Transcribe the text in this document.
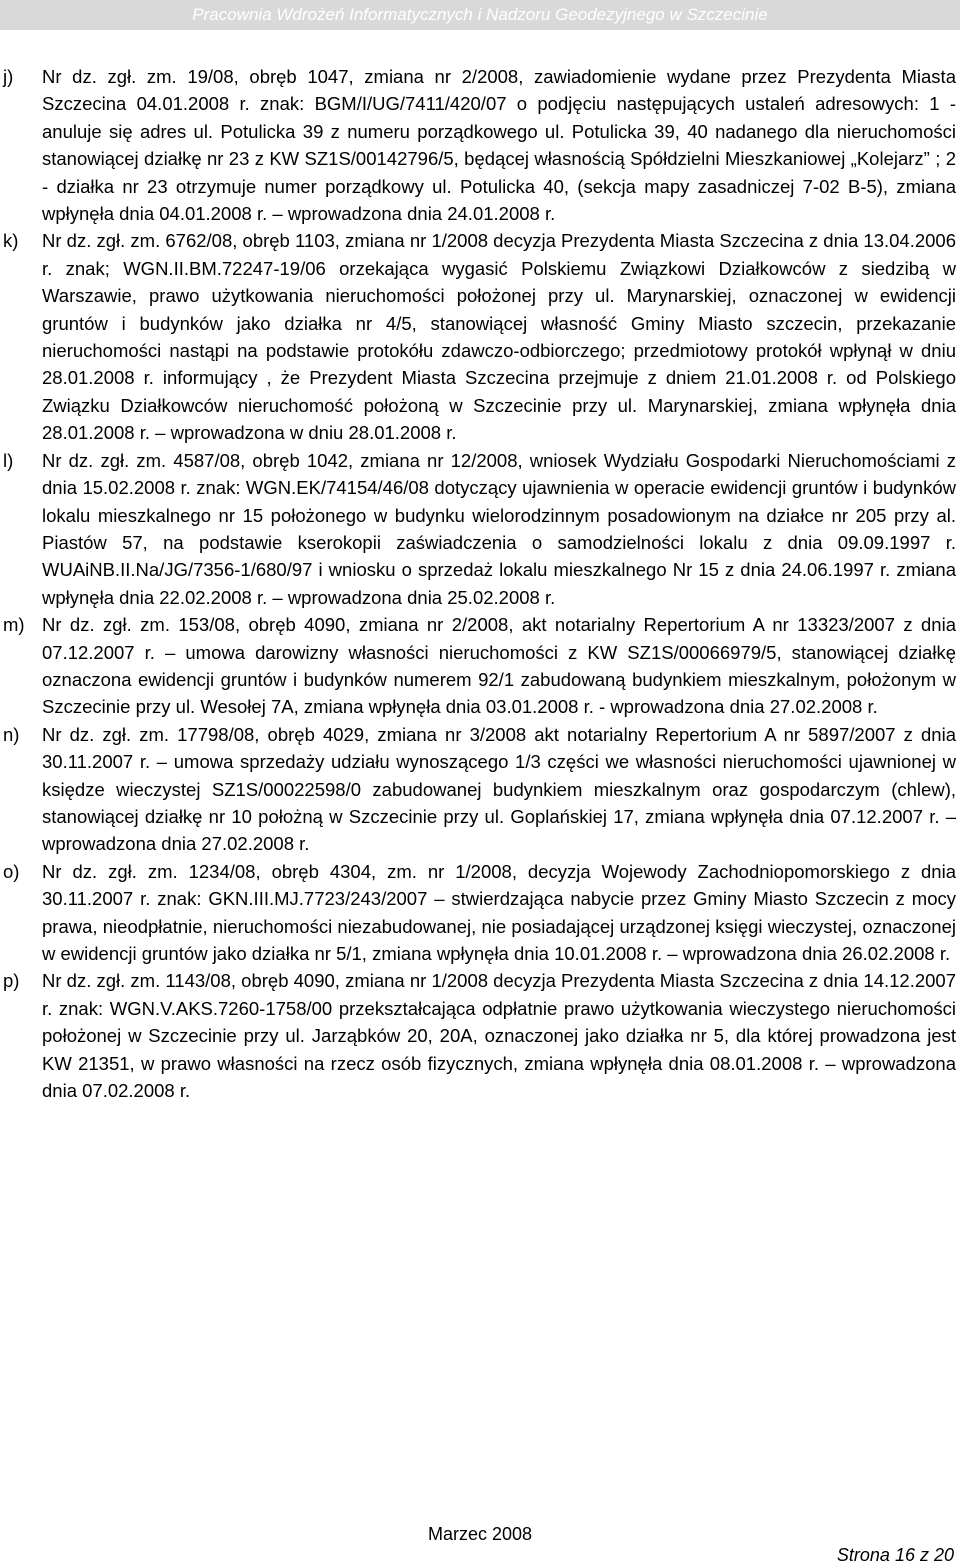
Pracownia Wdrożeń Informatycznych i Nadzoru Geodezyjnego w Szczecinie
j) Nr dz. zgł. zm. 19/08, obręb 1047, zmiana nr 2/2008, zawiadomienie wydane przez Prezydenta Miasta Szczecina 04.01.2008 r. znak: BGM/I/UG/7411/420/07 o podjęciu następujących ustaleń adresowych: 1 - anuluje się adres ul. Potulicka 39 z numeru porządkowego ul. Potulicka 39, 40 nadanego dla nieruchomości stanowiącej działkę nr 23 z KW SZ1S/00142796/5, będącej własnością Spółdzielni Mieszkaniowej „Kolejarz” ; 2 - działka nr 23 otrzymuje numer porządkowy ul. Potulicka 40, (sekcja mapy zasadniczej 7-02 B-5), zmiana wpłynęła dnia 04.01.2008 r. – wprowadzona dnia 24.01.2008 r.
k) Nr dz. zgł. zm. 6762/08, obręb 1103, zmiana nr 1/2008 decyzja Prezydenta Miasta Szczecina z dnia 13.04.2006 r. znak; WGN.II.BM.72247-19/06 orzekająca wygasić Polskiemu Związkowi Działkowców z siedzibą w Warszawie, prawo użytkowania nieruchomości położonej przy ul. Marynarskiej, oznaczonej w ewidencji gruntów i budynków jako działka nr 4/5, stanowiącej własność Gminy Miasto szczecin, przekazanie nieruchomości nastąpi na podstawie protokółu zdawczo-odbiorczego; przedmiotowy protokół wpłynął w dniu 28.01.2008 r. informujący , że Prezydent Miasta Szczecina przejmuje z dniem 21.01.2008 r. od Polskiego Związku Działkowców nieruchomość położoną w Szczecinie przy ul. Marynarskiej, zmiana wpłynęła dnia 28.01.2008 r. – wprowadzona w dniu 28.01.2008 r.
l) Nr dz. zgł. zm. 4587/08, obręb 1042, zmiana nr 12/2008, wniosek Wydziału Gospodarki Nieruchomościami z dnia 15.02.2008 r. znak: WGN.EK/74154/46/08 dotyczący ujawnienia w operacie ewidencji gruntów i budynków lokalu mieszkalnego nr 15 położonego w budynku wielorodzinnym posadowionym na działce nr 205 przy al. Piastów 57, na podstawie kserokopii zaświadczenia o samodzielności lokalu z dnia 09.09.1997 r. WUAiNB.II.Na/JG/7356-1/680/97 i wniosku o sprzedaż lokalu mieszkalnego Nr 15 z dnia 24.06.1997 r. zmiana wpłynęła dnia 22.02.2008 r. – wprowadzona dnia 25.02.2008 r.
m) Nr dz. zgł. zm. 153/08, obręb 4090, zmiana nr 2/2008, akt notarialny Repertorium A nr 13323/2007 z dnia 07.12.2007 r. – umowa darowizny własności nieruchomości z KW SZ1S/00066979/5, stanowiącej działkę oznaczona ewidencji gruntów i budynków numerem 92/1 zabudowaną budynkiem mieszkalnym, położonym w Szczecinie przy ul. Wesołej 7A, zmiana wpłynęła dnia 03.01.2008 r. - wprowadzona dnia 27.02.2008 r.
n) Nr dz. zgł. zm. 17798/08, obręb 4029, zmiana nr 3/2008 akt notarialny Repertorium A nr 5897/2007 z dnia 30.11.2007 r. – umowa sprzedaży udziału wynoszącego 1/3 części we własności nieruchomości ujawnionej w księdze wieczystej SZ1S/00022598/0 zabudowanej budynkiem mieszkalnym oraz gospodarczym (chlew), stanowiącej działkę nr 10 położną w Szczecinie przy ul. Goplańskiej 17, zmiana wpłynęła dnia 07.12.2007 r. – wprowadzona dnia 27.02.2008 r.
o) Nr dz. zgł. zm. 1234/08, obręb 4304, zm. nr 1/2008, decyzja Wojewody Zachodniopomorskiego z dnia 30.11.2007 r. znak: GKN.III.MJ.7723/243/2007 – stwierdzająca nabycie przez Gminy Miasto Szczecin z mocy prawa, nieodpłatnie, nieruchomości niezabudowanej, nie posiadającej urządzonej księgi wieczystej, oznaczonej w ewidencji gruntów jako działka nr 5/1, zmiana wpłynęła dnia 10.01.2008 r. – wprowadzona dnia 26.02.2008 r.
p) Nr dz. zgł. zm. 1143/08, obręb 4090, zmiana nr 1/2008 decyzja Prezydenta Miasta Szczecina z dnia 14.12.2007 r. znak: WGN.V.AKS.7260-1758/00 przekształcająca odpłatnie prawo użytkowania wieczystego nieruchomości położonej w Szczecinie przy ul. Jarząbków 20, 20A, oznaczonej jako działka nr 5, dla której prowadzona jest KW 21351, w prawo własności na rzecz osób fizycznych, zmiana wpłynęła dnia 08.01.2008 r. – wprowadzona dnia 07.02.2008 r.
Marzec 2008
Strona 16 z 20
